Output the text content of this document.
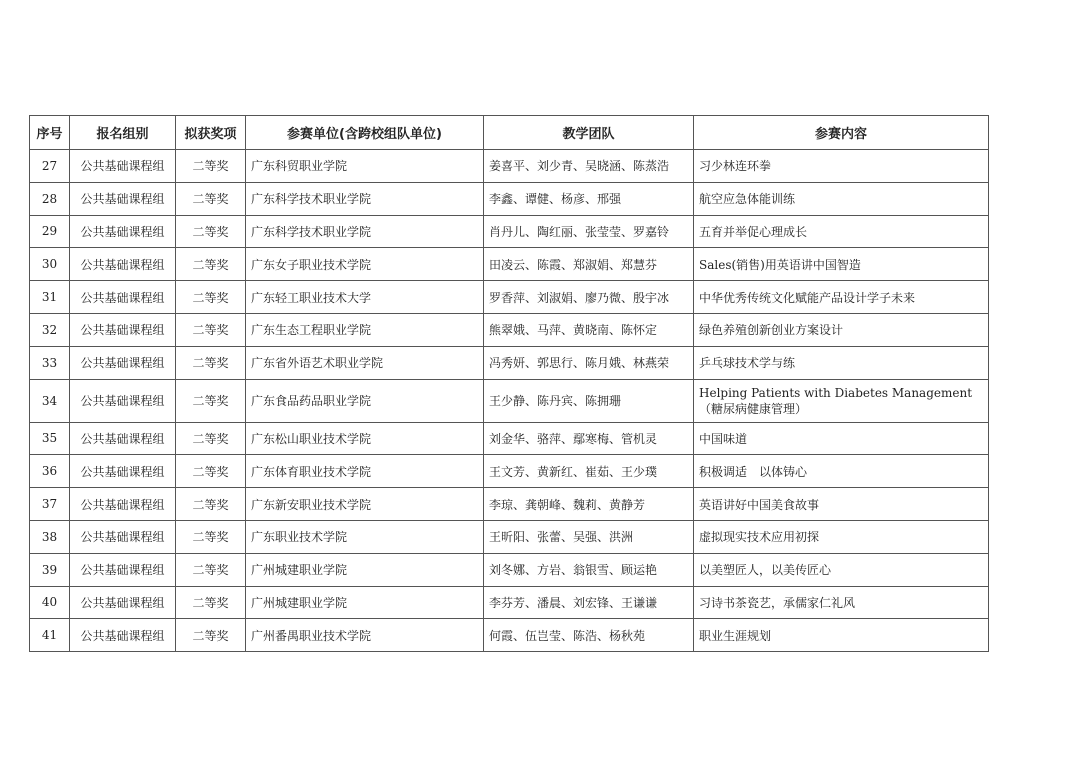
序号	报名组别	拟获奖项	参赛单位(含跨校组队单位)	教学团队	参赛内容
27	公共基础课程组	二等奖	广东科贸职业学院	姜喜平、刘少青、吴晓涵、陈蒸浩	习少林连环拳
28	公共基础课程组	二等奖	广东科学技术职业学院	李鑫、谭健、杨彦、邢强	航空应急体能训练
29	公共基础课程组	二等奖	广东科学技术职业学院	肖丹儿、陶红丽、张莹莹、罗嘉铃	五育并举促心理成长
30	公共基础课程组	二等奖	广东女子职业技术学院	田凌云、陈霞、郑淑娟、郑慧芬	Sales(销售)用英语讲中国智造
31	公共基础课程组	二等奖	广东轻工职业技术大学	罗香萍、刘淑娟、廖乃微、殷宇冰	中华优秀传统文化赋能产品设计学子未来
32	公共基础课程组	二等奖	广东生态工程职业学院	熊翠娥、马萍、黄晓南、陈怀定	绿色养殖创新创业方案设计
33	公共基础课程组	二等奖	广东省外语艺术职业学院	冯秀妍、郭思行、陈月娥、林燕荣	乒乓球技术学与练
34	公共基础课程组	二等奖	广东食品药品职业学院	王少静、陈丹宾、陈拥珊	Helping Patients with Diabetes Management（糖尿病健康管理）
35	公共基础课程组	二等奖	广东松山职业技术学院	刘金华、骆萍、鄢寒梅、管机灵	中国味道
36	公共基础课程组	二等奖	广东体育职业技术学院	王文芳、黄新红、崔茹、王少璞	积极调适　以体铸心
37	公共基础课程组	二等奖	广东新安职业技术学院	李琼、龚朝峰、魏莉、黄静芳	英语讲好中国美食故事
38	公共基础课程组	二等奖	广东职业技术学院	王昕阳、张蕾、吴强、洪洲	虚拟现实技术应用初探
39	公共基础课程组	二等奖	广州城建职业学院	刘冬娜、方岩、翁银雪、顾运艳	以美塑匠人，以美传匠心
40	公共基础课程组	二等奖	广州城建职业学院	李芬芳、潘晨、刘宏锋、王谦谦	习诗书茶瓷艺，承儒家仁礼风
41	公共基础课程组	二等奖	广州番禺职业技术学院	何霞、伍岂莹、陈浩、杨秋苑	职业生涯规划
